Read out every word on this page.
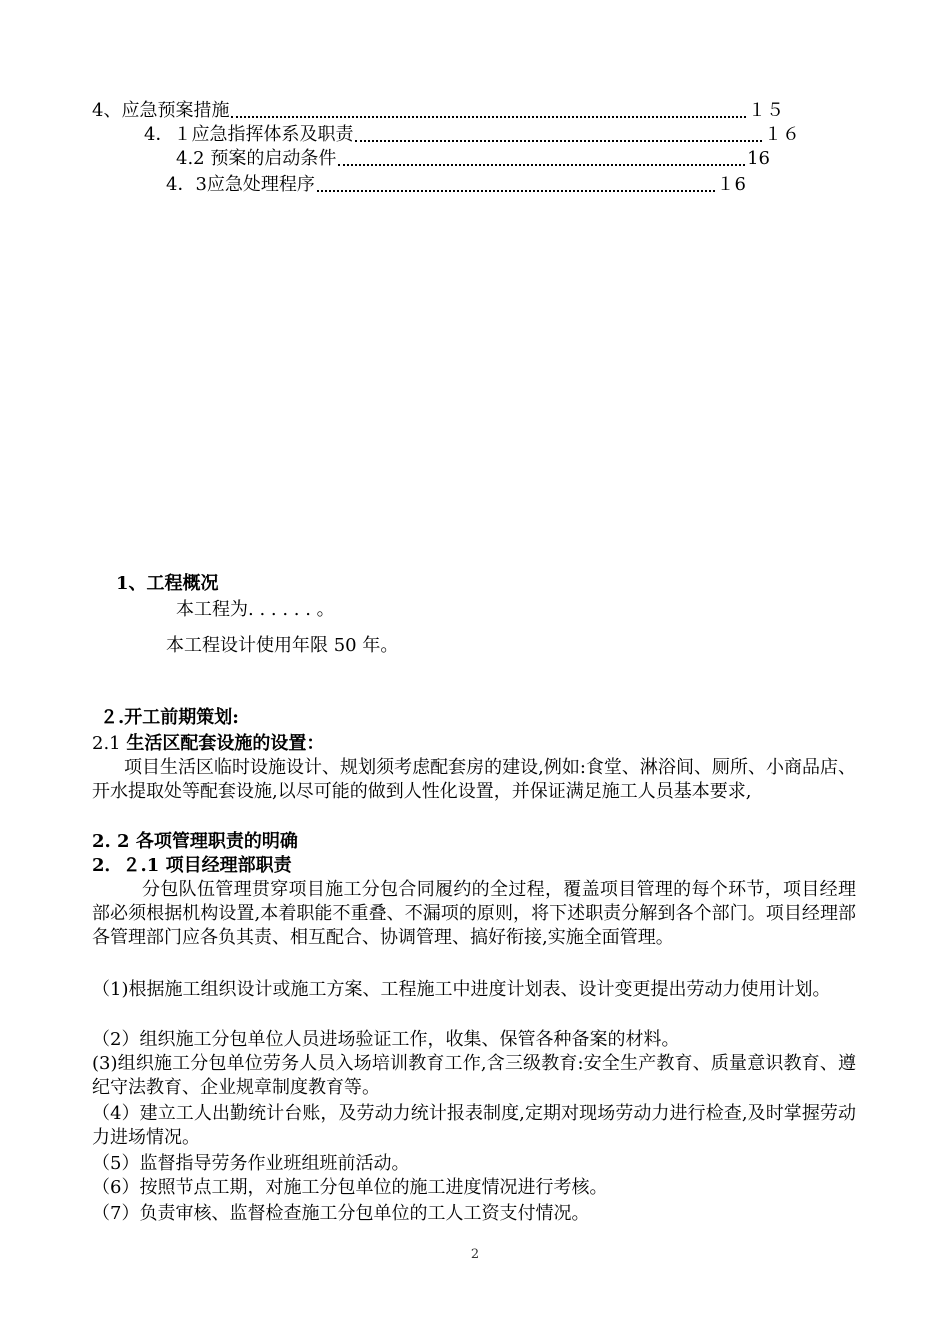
4、应急预案措施	１５
4．１应急指挥体系及职责	１６
4.2 预案的启动条件	16
4．3应急处理程序	１6
1、工程概况
本工程为. . . . . . 。
本工程设计使用年限 50 年。
２.开工前期策划:
2.1 生活区配套设施的设置：
项目生活区临时设施设计、规划须考虑配套房的建设,例如:食堂、淋浴间、厕所、小商品店、开水提取处等配套设施,以尽可能的做到人性化设置，并保证满足施工人员基本要求,
2. 2 各项管理职责的明确
2．２.1 项目经理部职责
分包队伍管理贯穿项目施工分包合同履约的全过程，覆盖项目管理的每个环节，项目经理部必须根据机构设置,本着职能不重叠、不漏项的原则，将下述职责分解到各个部门。项目经理部各管理部门应各负其责、相互配合、协调管理、搞好衔接,实施全面管理。
（1)根据施工组织设计或施工方案、工程施工中进度计划表、设计变更提出劳动力使用计划。
（2）组织施工分包单位人员进场验证工作，收集、保管各种备案的材料。
(3)组织施工分包单位劳务人员入场培训教育工作,含三级教育:安全生产教育、质量意识教育、遵纪守法教育、企业规章制度教育等。
（4）建立工人出勤统计台账，及劳动力统计报表制度,定期对现场劳动力进行检查,及时掌握劳动力进场情况。
（5）监督指导劳务作业班组班前活动。
（6）按照节点工期，对施工分包单位的施工进度情况进行考核。
（7）负责审核、监督检查施工分包单位的工人工资支付情况。
2
